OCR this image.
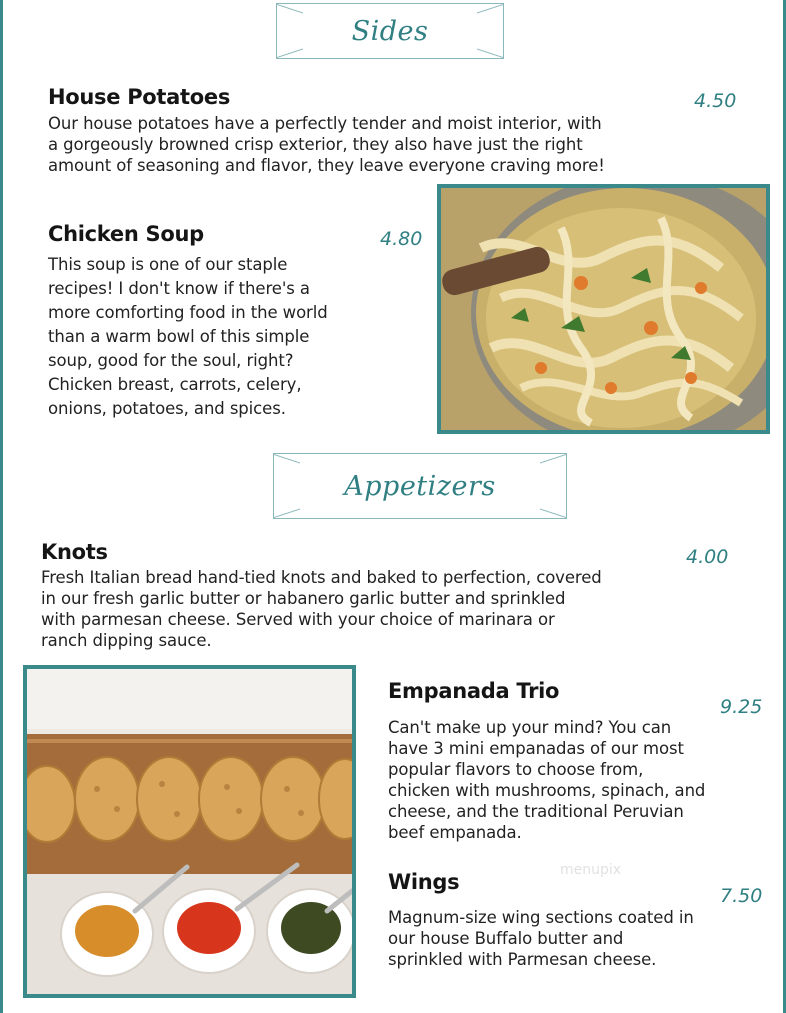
Sides
House Potatoes	4.50
Our house potatoes have a perfectly tender and moist interior, with
a gorgeously browned crisp exterior, they also have just the right
amount of seasoning and flavor, they leave everyone craving more!
Chicken Soup	4.80
This soup is one of our staple
recipes! I don't know if there's a
more comforting food in the world
than a warm bowl of this simple
soup, good for the soul, right?
Chicken breast, carrots, celery,
onions, potatoes, and spices.
Appetizers
Knots	4.00
Fresh Italian bread hand-tied knots and baked to perfection, covered
in our fresh garlic butter or habanero garlic butter and sprinkled
with parmesan cheese. Served with your choice of marinara or
ranch dipping sauce.
Empanada Trio
9.25
Can't make up your mind? You can
have 3 mini empanadas of our most
popular flavors to choose from,
chicken with mushrooms, spinach, and
cheese, and the traditional Peruvian
beef empanada.
menupix
Wings
7.50
Magnum-size wing sections coated in
our house Buffalo butter and
sprinkled with Parmesan cheese.
